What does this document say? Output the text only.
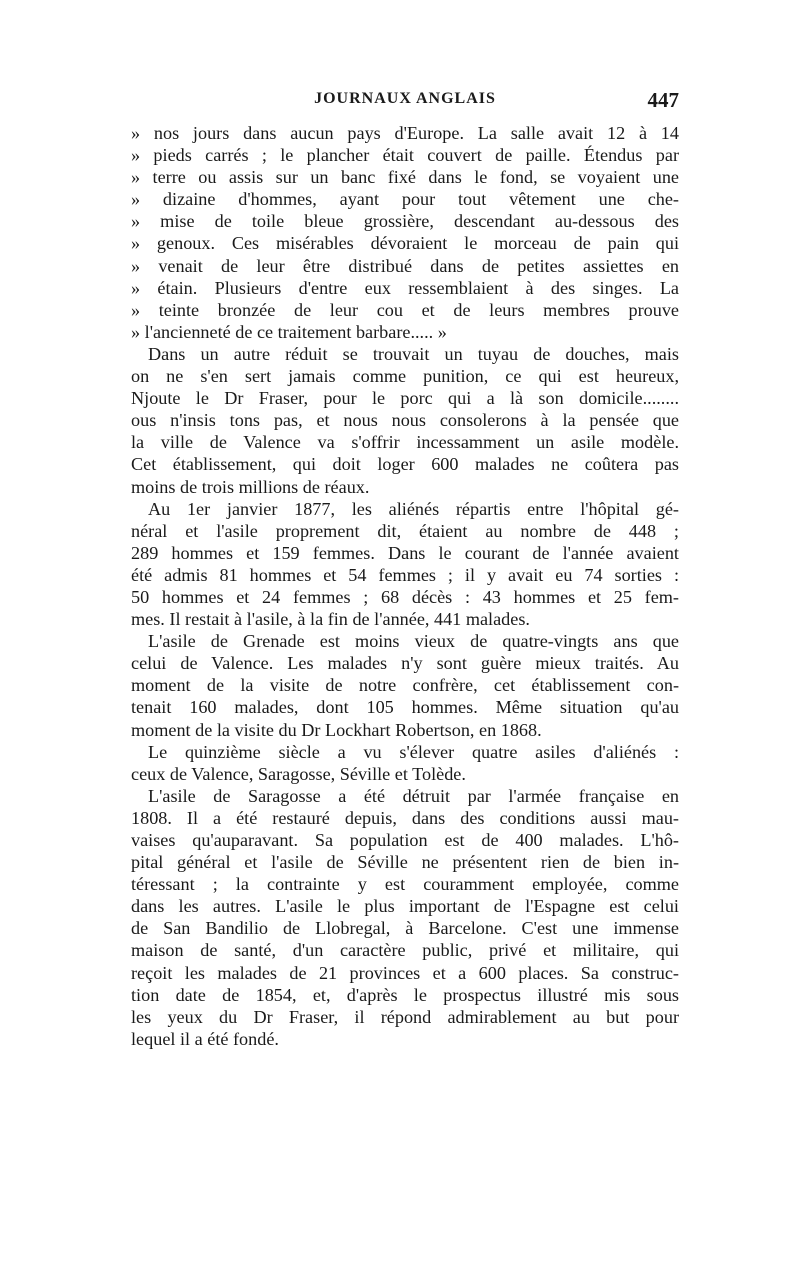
JOURNAUX ANGLAIS	447
» nos jours dans aucun pays d'Europe. La salle avait 12 à 14
» pieds carrés ; le plancher était couvert de paille. Étendus par
» terre ou assis sur un banc fixé dans le fond, se voyaient une
» dizaine d'hommes, ayant pour tout vêtement une che-
» mise de toile bleue grossière, descendant au-dessous des
» genoux. Ces misérables dévoraient le morceau de pain qui
» venait de leur être distribué dans de petites assiettes en
» étain. Plusieurs d'entre eux ressemblaient à des singes. La
» teinte bronzée de leur cou et de leurs membres prouve
» l'ancienneté de ce traitement barbare..... »
Dans un autre réduit se trouvait un tuyau de douches, mais
on ne s'en sert jamais comme punition, ce qui est heureux,
Njoute le Dr Fraser, pour le porc qui a là son domicile........
ous n'insis tons pas, et nous nous consolerons à la pensée que
la ville de Valence va s'offrir incessamment un asile modèle.
Cet établissement, qui doit loger 600 malades ne coûtera pas
moins de trois millions de réaux.
Au 1er janvier 1877, les aliénés répartis entre l'hôpital gé-
néral et l'asile proprement dit, étaient au nombre de 448 ;
289 hommes et 159 femmes. Dans le courant de l'année avaient
été admis 81 hommes et 54 femmes ; il y avait eu 74 sorties :
50 hommes et 24 femmes ; 68 décès : 43 hommes et 25 fem-
mes. Il restait à l'asile, à la fin de l'année, 441 malades.
L'asile de Grenade est moins vieux de quatre-vingts ans que
celui de Valence. Les malades n'y sont guère mieux traités. Au
moment de la visite de notre confrère, cet établissement con-
tenait 160 malades, dont 105 hommes. Même situation qu'au
moment de la visite du Dr Lockhart Robertson, en 1868.
Le quinzième siècle a vu s'élever quatre asiles d'aliénés :
ceux de Valence, Saragosse, Séville et Tolède.
L'asile de Saragosse a été détruit par l'armée française en
1808. Il a été restauré depuis, dans des conditions aussi mau-
vaises qu'auparavant. Sa population est de 400 malades. L'hô-
pital général et l'asile de Séville ne présentent rien de bien in-
téressant ; la contrainte y est couramment employée, comme
dans les autres. L'asile le plus important de l'Espagne est celui
de San Bandilio de Llobregal, à Barcelone. C'est une immense
maison de santé, d'un caractère public, privé et militaire, qui
reçoit les malades de 21 provinces et a 600 places. Sa construc-
tion date de 1854, et, d'après le prospectus illustré mis sous
les yeux du Dr Fraser, il répond admirablement au but pour
lequel il a été fondé.
